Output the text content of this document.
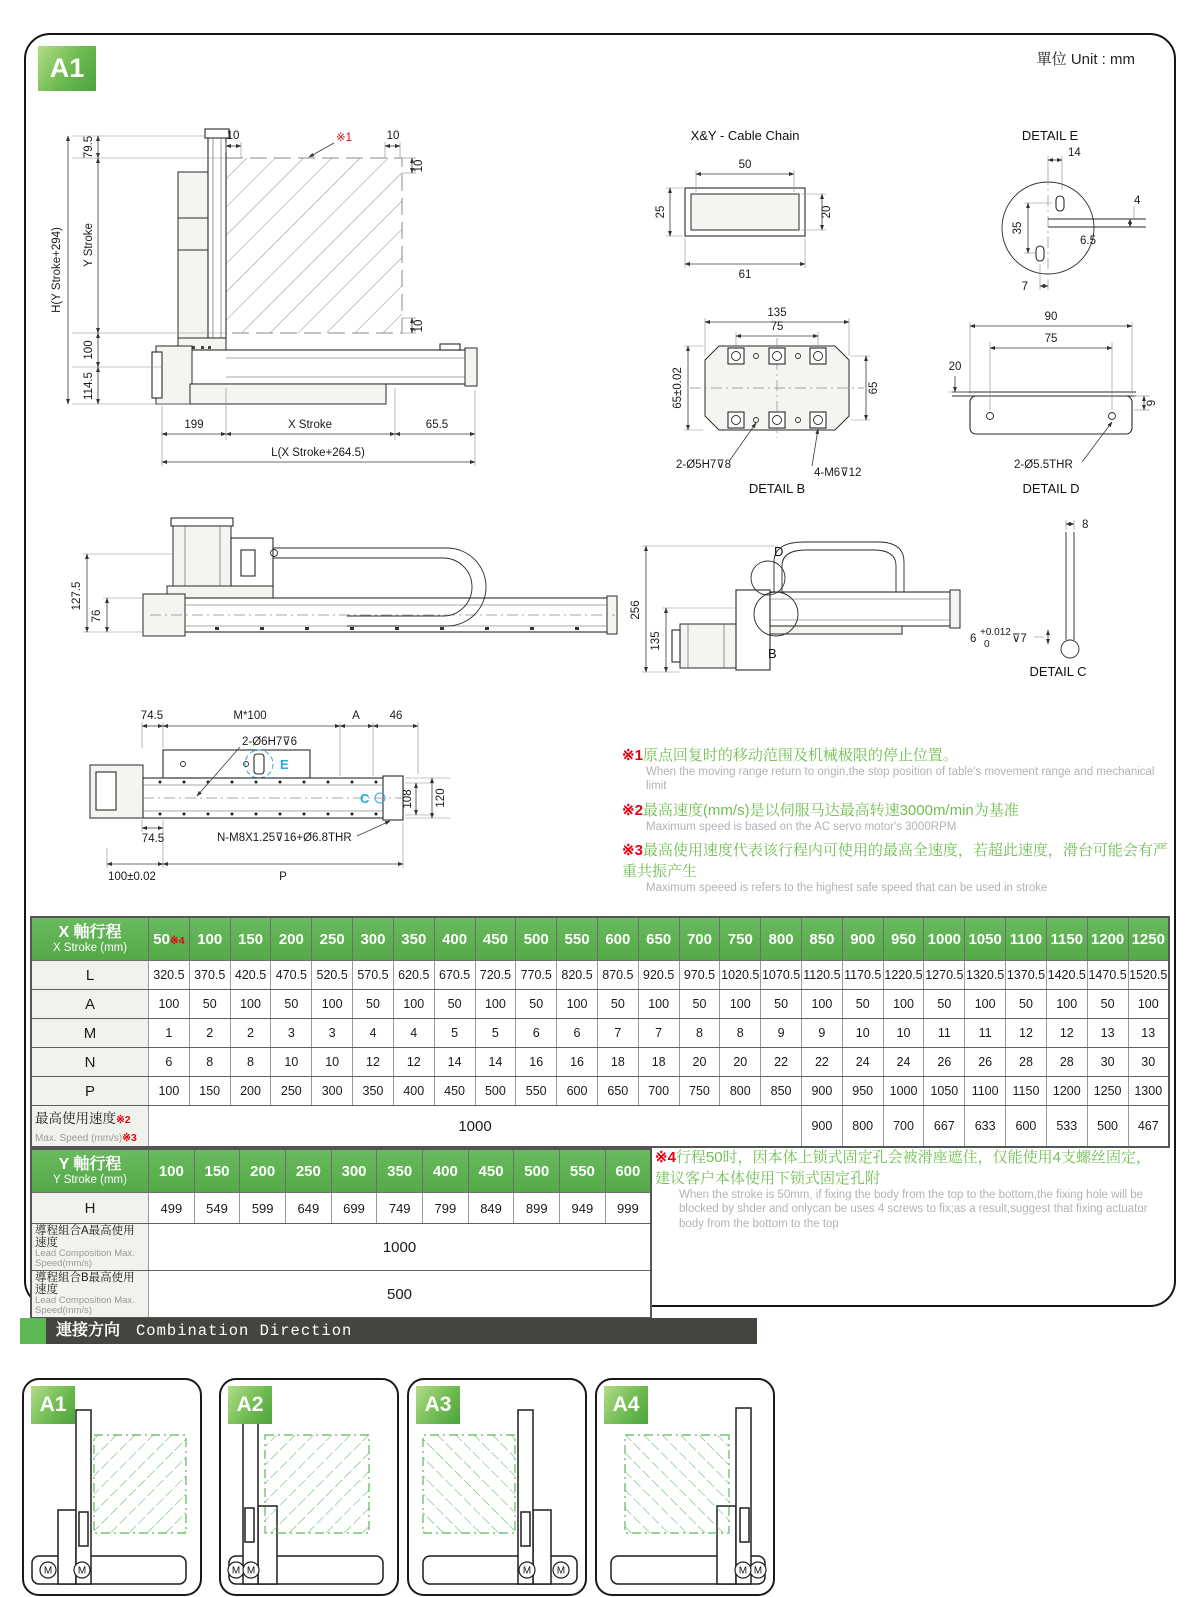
A1	單位 Unit : mm
H(Y Stroke+294)
79.5
Y Stroke
100
114.5
10	※1	10
10
10
199	X Stroke	65.5
L(X Stroke+264.5)
X&Y - Cable Chain
50
25	20
61
DETAIL E
14
4
6.5
35
7
135
75
65±0.02	65
2-Ø5H7⊽8
4-M6⊽12
DETAIL B
90
75
20
9
2-Ø5.5THR
DETAIL D
127.5
76
D
B
256
135
8
6
+0.012
0 ⊽7
DETAIL C
E
C
74.5	M*100	A	46
2-Ø6H7⊽6
108 120
74.5	N-M8X1.25⊽16+Ø6.8THR
100±0.02	P
※1原点回复时的移动范围及机械极限的停止位置。
When the moving range return to origin,the stop position of table's movement range and mechanical limit
※2最高速度(mm/s)是以伺服马达最高转速3000m/min为基准
Maximum speed is based on the AC servo motor's 3000RPM
※3最高使用速度代表该行程内可使用的最高全速度，若超此速度，滑台可能会有严重共振产生
Maximum speeed is refers to the highest safe speed that can be used in stroke
X 軸行程
X Stroke (mm)	50※4	100	150	200	250	300	350	400	450	500	550	600	650	700	750	800	850	900	950	1000	1050	1100	1150	1200	1250
L	320.5	370.5	420.5	470.5	520.5	570.5	620.5	670.5	720.5	770.5	820.5	870.5	920.5	970.5	1020.5	1070.5	1120.5	1170.5	1220.5	1270.5	1320.5	1370.5	1420.5	1470.5	1520.5
A	100	50	100	50	100	50	100	50	100	50	100	50	100	50	100	50	100	50	100	50	100	50	100	50	100
M	1	2	2	3	3	4	4	5	5	6	6	7	7	8	8	9	9	10	10	11	11	12	12	13	13
N	6	8	8	10	10	12	12	14	14	16	16	18	18	20	20	22	22	24	24	26	26	28	28	30	30
P	100	150	200	250	300	350	400	450	500	550	600	650	700	750	800	850	900	950	1000	1050	1100	1150	1200	1250	1300

最高使用速度※2
Max. Speed (mm/s)※3	1000																900	800	700	667	633	600	533	500	467
Y 軸行程
Y Stroke (mm)	100	150	200	250	300	350	400	450	500	550	600
H	499	549	599	649	699	749	799	849	899	949	999

導程組合A最高使用速度
Lead Composition Max.
Speed(mm/s)	1000										

導程組合B最高使用速度
Lead Composition Max.
Speed(mm/s)	500										
※4行程50时，因本体上锁式固定孔会被滑座遮住，仅能使用4支螺丝固定，建议客户本体使用下锁式固定孔附
When the stroke is 50mm, if fixing the body from the top to the bottom,the fixing hole will be blocked by shder and onlycan be uses 4 screws to fix;as a result,suggest that fixing actuator body from the bottom to the top
連接方向 Combination Direction
A1
M	M
A2
M M
A3
M
M
A4
M
M
